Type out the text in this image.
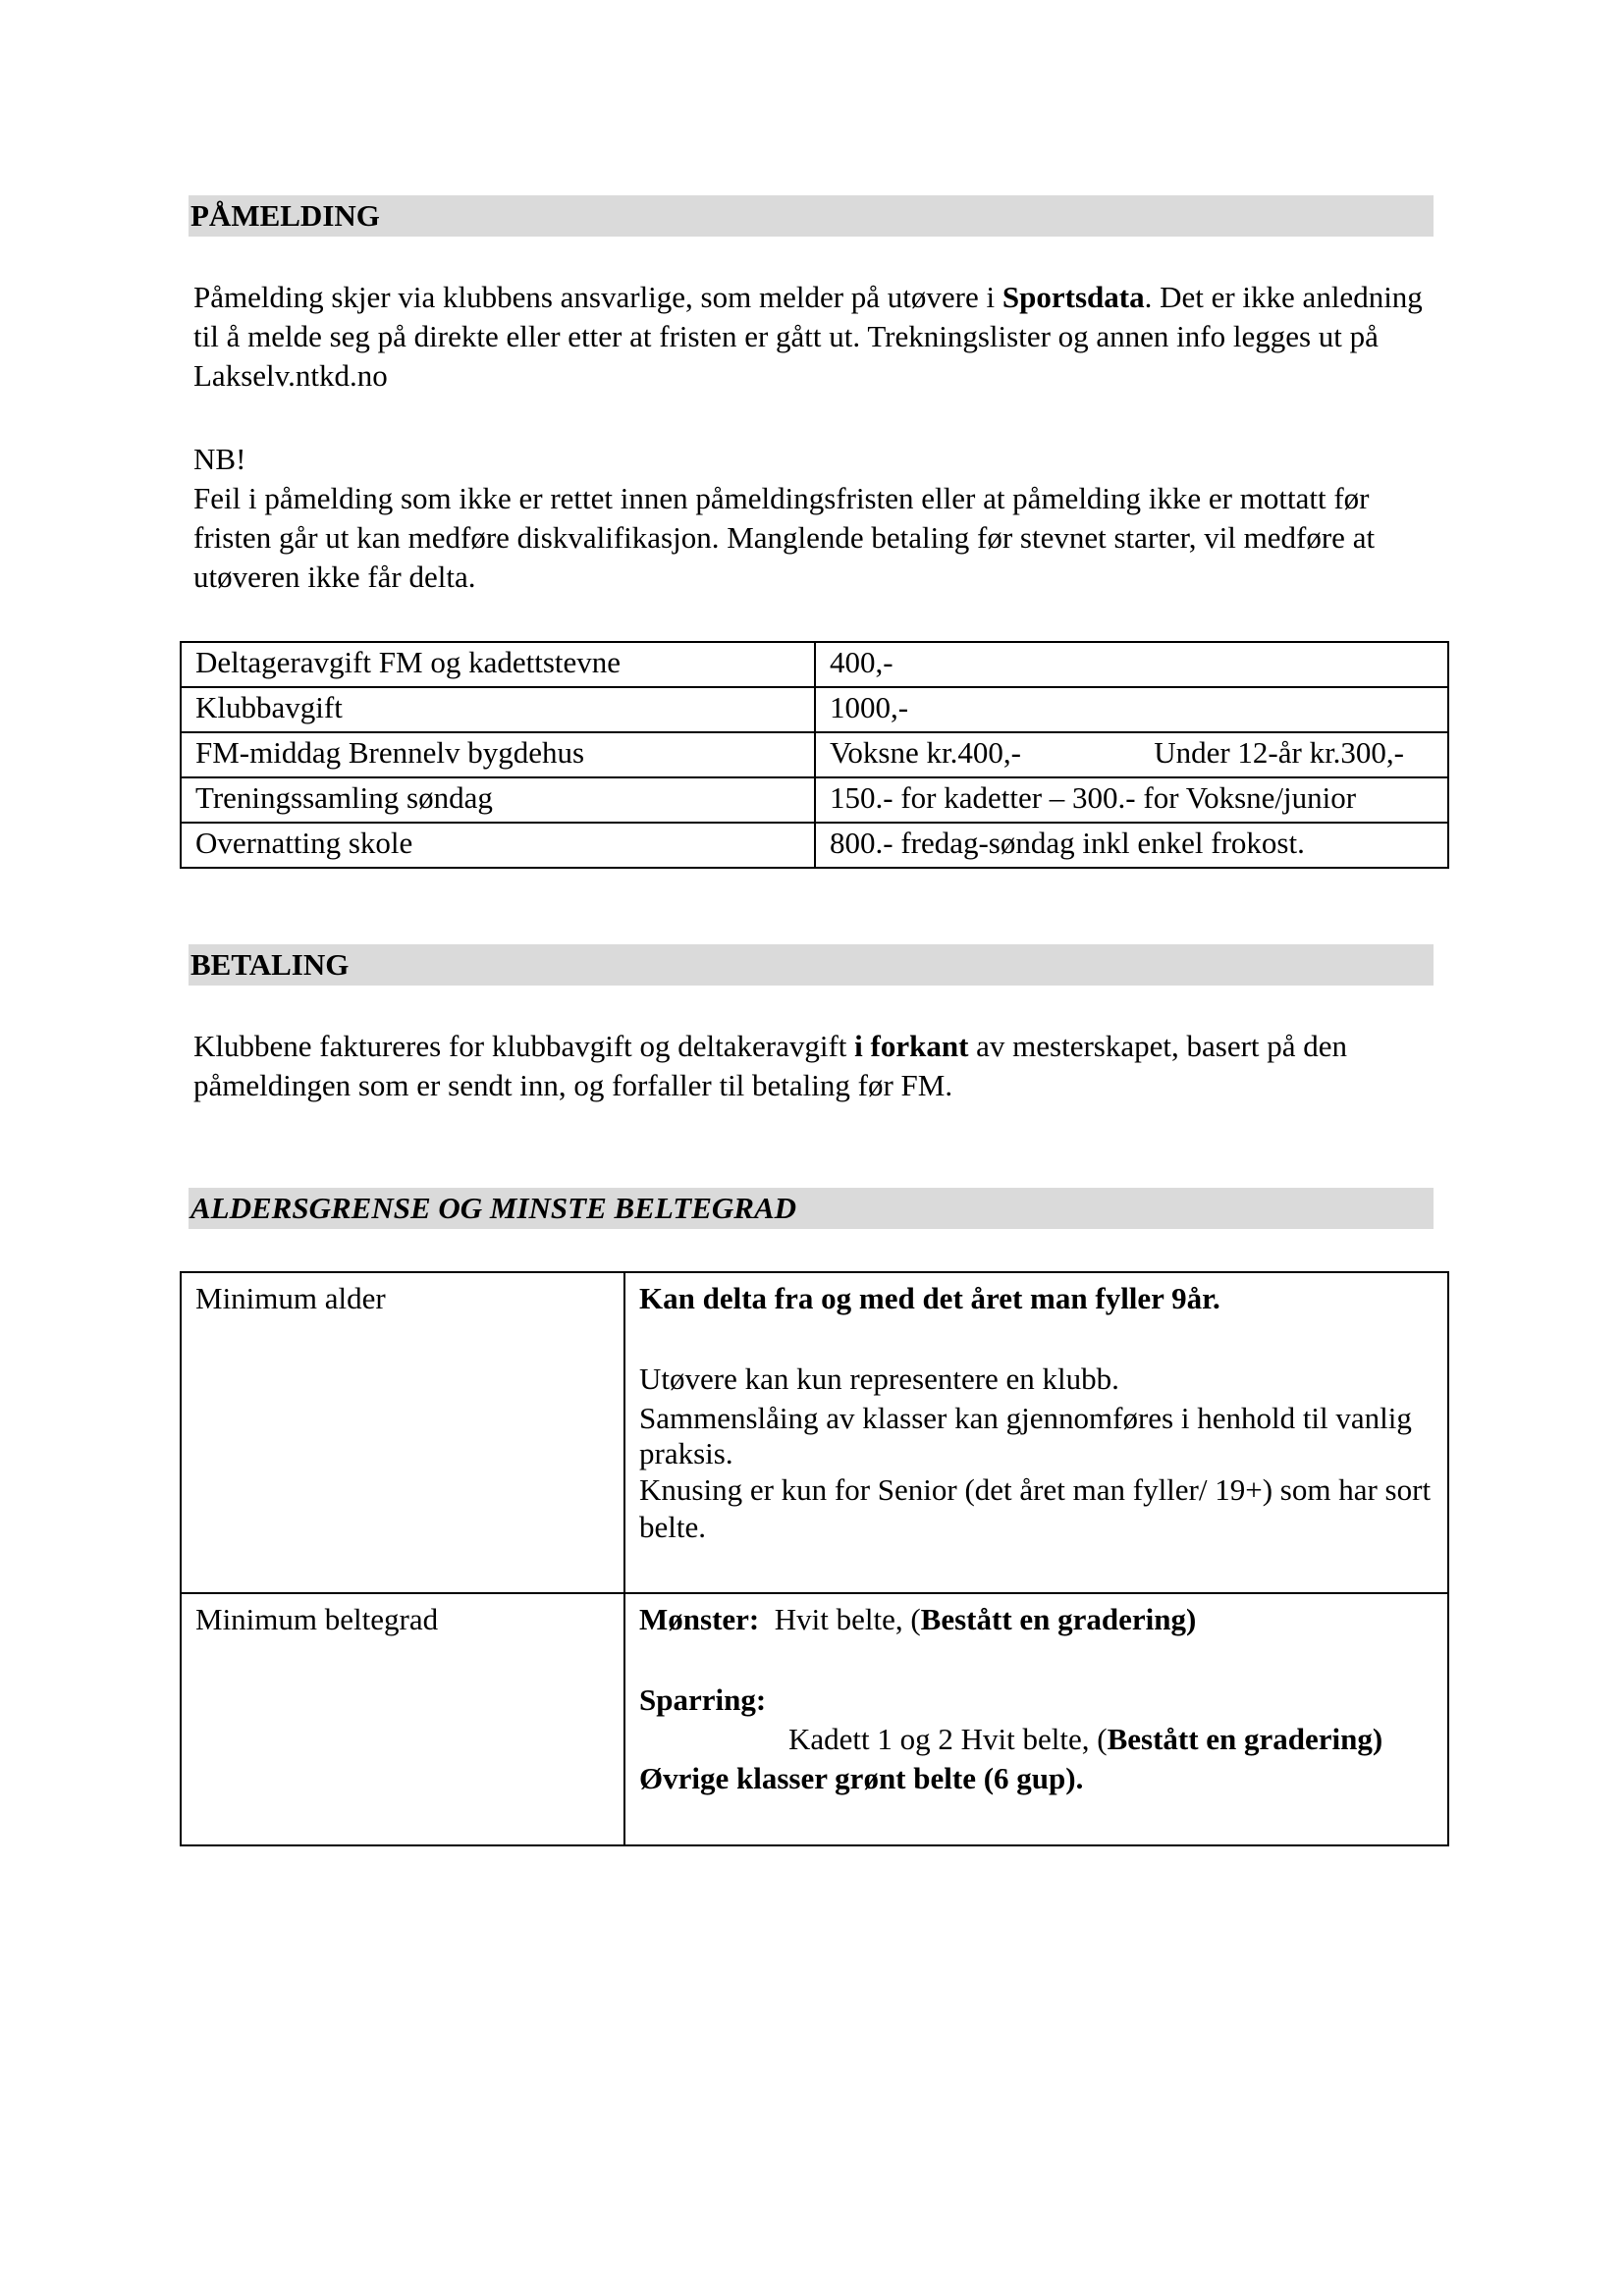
PÅMELDING

Påmelding skjer via klubbens ansvarlige, som melder på utøvere i Sportsdata. Det er ikke anledning til å melde seg på direkte eller etter at fristen er gått ut. Trekningslister og annen info legges ut på Lakselv.ntkd.no

NB!

Feil i påmelding som ikke er rettet innen påmeldingsfristen eller at påmelding ikke er mottatt før fristen går ut kan medføre diskvalifikasjon. Manglende betaling før stevnet starter, vil medføre at utøveren ikke får delta.

Deltageravgift FM og kadettstevne	400,-
Klubbavgift	1000,-
FM-middag Brennelv bygdehus	Voksne kr.400,- Under 12-år kr.300,-

Treningssamling søndag	150.- for kadetter – 300.- for Voksne/junior
Overnatting skole	800.- fredag-søndag inkl enkel frokost.
BETALING

Klubbene faktureres for klubbavgift og deltakeravgift i forkant av mesterskapet, basert på den påmeldingen som er sendt inn, og forfaller til betaling før FM.

ALDERSGRENSE OG MINSTE BELTEGRAD
Minimum alder	Kan delta fra og med det året man fyller 9år.
Utøvere kan kun representere en klubb.
Sammenslåing av klasser kan gjennomføres i henhold til vanlig praksis.
Knusing er kun for Senior (det året man fyller/ 19+) som har sort belte.

Minimum beltegrad	Mønster:  Hvit belte, (Bestått en gradering)
Sparring:
Kadett 1 og 2 Hvit belte, (Bestått en gradering)
Øvrige klasser grønt belte (6 gup).
